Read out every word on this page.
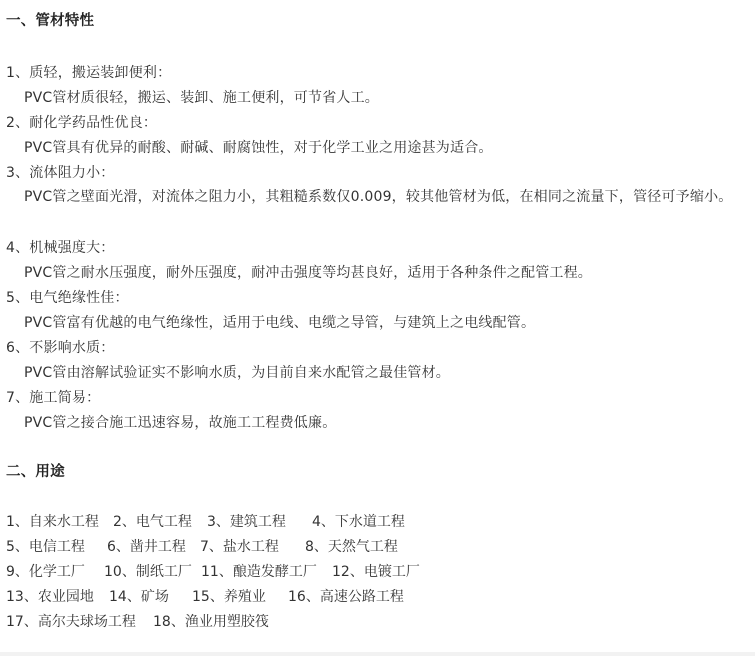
一、管材特性
1、质轻，搬运装卸便利：
PVC管材质很轻，搬运、装卸、施工便利，可节省人工。
2、耐化学药品性优良：
PVC管具有优异的耐酸、耐碱、耐腐蚀性，对于化学工业之用途甚为适合。
3、流体阻力小：
PVC管之壁面光滑，对流体之阻力小，其粗糙系数仅0.009，较其他管材为低，在相同之流量下，管径可予缩小。
4、机械强度大：
PVC管之耐水压强度，耐外压强度，耐冲击强度等均甚良好，适用于各种条件之配管工程。
5、电气绝缘性佳：
PVC管富有优越的电气绝缘性，适用于电线、电缆之导管，与建筑上之电线配管。
6、不影响水质：
PVC管由溶解试验证实不影响水质，为目前自来水配管之最佳管材。
7、施工简易：
PVC管之接合施工迅速容易，故施工工程费低廉。
二、用途
1、自来水工程 2、电气工程 3、建筑工程 4、下水道工程
5、电信工程 6、凿井工程 7、盐水工程 8、天然气工程
9、化学工厂 10、制纸工厂 11、酿造发酵工厂 12、电镀工厂
13、农业园地 14、矿场 15、养殖业 16、高速公路工程
17、高尔夫球场工程 18、渔业用塑胶筏
